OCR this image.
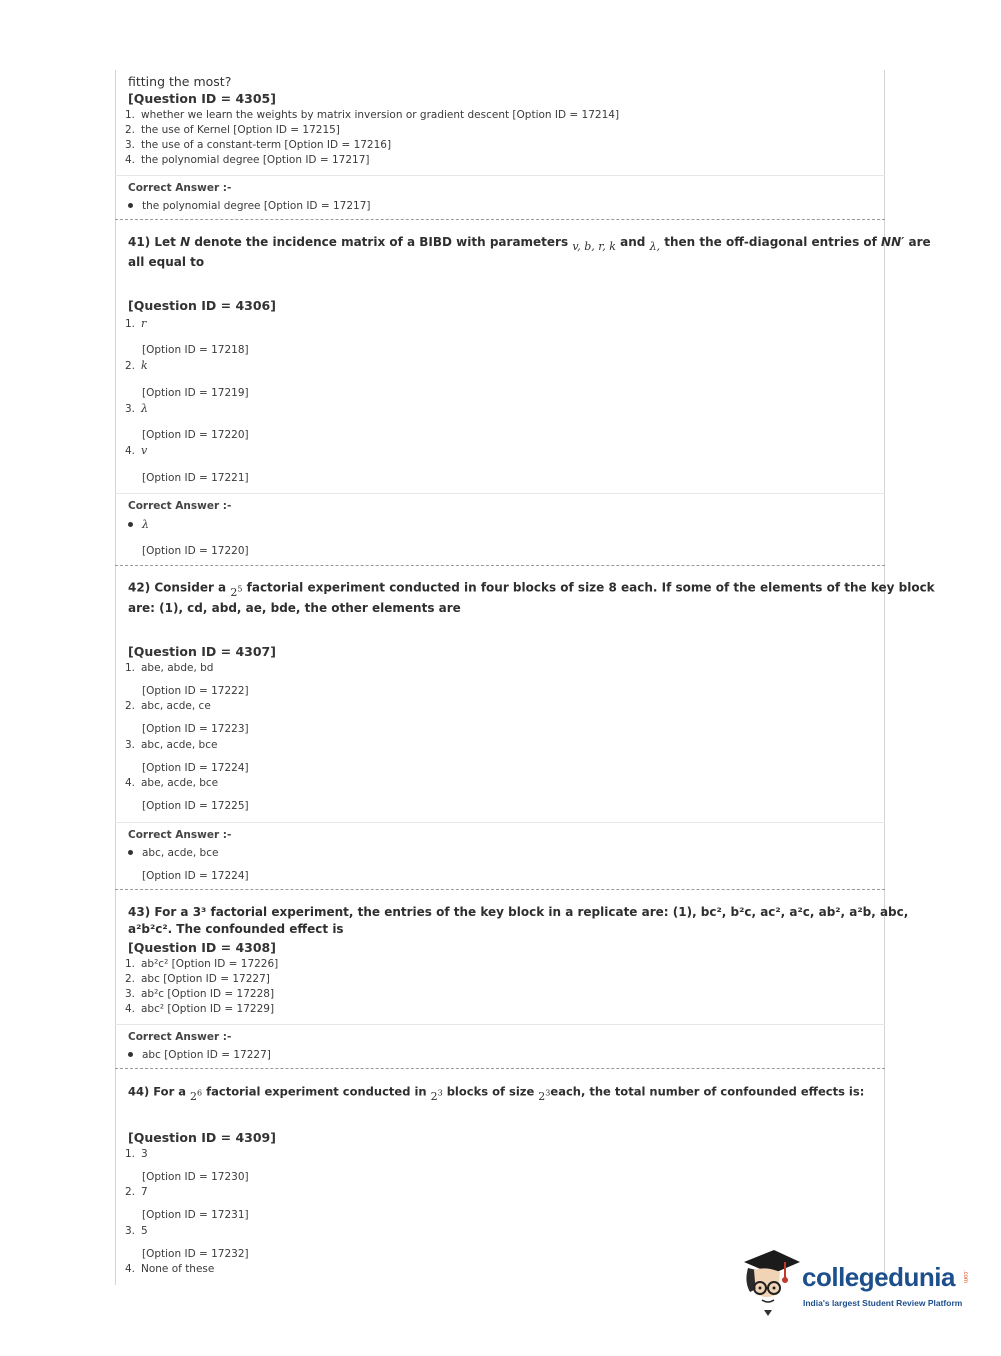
fitting the most?
[Question ID = 4305]
1. whether we learn the weights by matrix inversion or gradient descent [Option ID = 17214]
2. the use of Kernel [Option ID = 17215]
3. the use of a constant-term [Option ID = 17216]
4. the polynomial degree [Option ID = 17217]
Correct Answer :-
the polynomial degree [Option ID = 17217]
41) Let N denote the incidence matrix of a BIBD with parameters v, b, r, k and λ, then the off-diagonal entries of NN′ are
all equal to
[Question ID = 4306]
1. r
[Option ID = 17218]
2. k
[Option ID = 17219]
3. λ
[Option ID = 17220]
4. v
[Option ID = 17221]
Correct Answer :-
λ
[Option ID = 17220]
42) Consider a $2^5$ factorial experiment conducted in four blocks of size 8 each. If some of the elements of the key block
are: (1), cd, abd, ae, bde, the other elements are
[Question ID = 4307]
1. abe, abde, bd
[Option ID = 17222]
2. abc, acde, ce
[Option ID = 17223]
3. abc, acde, bce
[Option ID = 17224]
4. abe, acde, bce
[Option ID = 17225]
Correct Answer :-
abc, acde, bce
[Option ID = 17224]
43) For a 3³ factorial experiment, the entries of the key block in a replicate are: (1), bc², b²c, ac², a²c, ab², a²b, abc,
a²b²c². The confounded effect is
[Question ID = 4308]
1. ab²c² [Option ID = 17226]
2. abc [Option ID = 17227]
3. ab²c [Option ID = 17228]
4. abc² [Option ID = 17229]
Correct Answer :-
abc [Option ID = 17227]
44) For a $2^6$ factorial experiment conducted in $2^3$ blocks of size $2^3each$, the total number of confounded effects is:
[Question ID = 4309]
1. 3
[Option ID = 17230]
2. 7
[Option ID = 17231]
3. 5
[Option ID = 17232]
4. None of these	collegedunia .com
India's largest Student Review Platform
